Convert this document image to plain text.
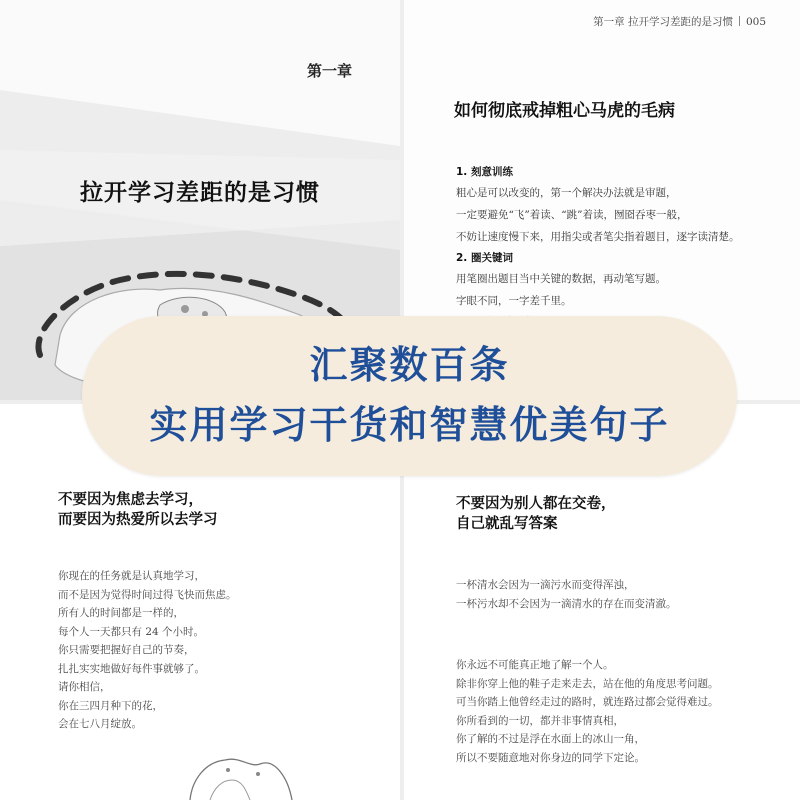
第一章
拉开学习差距的是习惯
第一章 拉开学习差距的是习惯 005
如何彻底戒掉粗心马虎的毛病

1. 刻意训练

粗心是可以改变的，第一个解决办法就是审题，

一定要避免“飞”着读、“跳”着读，囫囵吞枣一般，

不妨让速度慢下来，用指尖或者笔尖指着题目，逐字读清楚。

2. 圈关键词

用笔圈出题目当中关键的数据，再动笔写题。

字眼不同，一字差千里。

不要因为焦虑去学习，
而要因为热爱所以去学习

你现在的任务就是认真地学习，

而不是因为觉得时间过得飞快而焦虑。

所有人的时间都是一样的，

每个人一天都只有 24 个小时。

你只需要把握好自己的节奏，

扎扎实实地做好每件事就够了。

请你相信，

你在三四月种下的花，

会在七八月绽放。

不要因为别人都在交卷，
自己就乱写答案

一杯清水会因为一滴污水而变得浑浊，

一杯污水却不会因为一滴清水的存在而变清澈。

你永远不可能真正地了解一个人。

除非你穿上他的鞋子走来走去，站在他的角度思考问题。

可当你踏上他曾经走过的路时，就连路过都会觉得难过。

你所看到的一切，都并非事情真相，

你了解的不过是浮在水面上的冰山一角，

所以不要随意地对你身边的同学下定论。

汇聚数百条
实用学习干货和智慧优美句子
